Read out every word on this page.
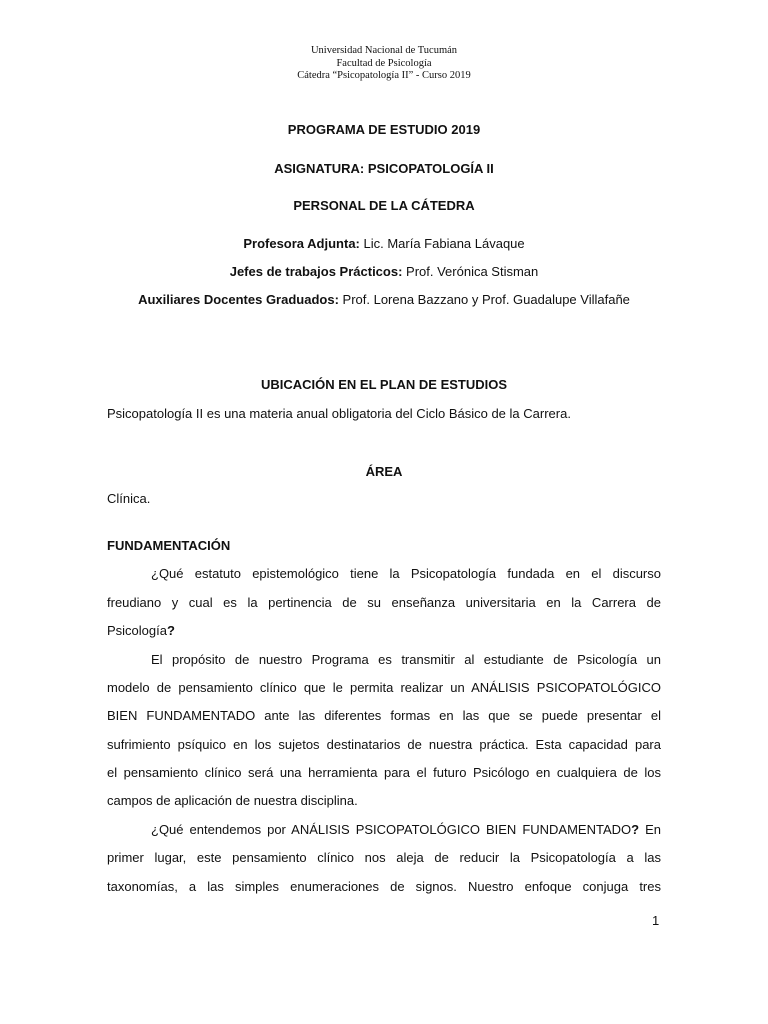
Universidad Nacional de Tucumán
Facultad de Psicología
Cátedra “Psicopatología II” - Curso 2019
PROGRAMA DE ESTUDIO 2019
ASIGNATURA: PSICOPATOLOGÍA II
PERSONAL DE LA CÁTEDRA
Profesora Adjunta: Lic. María Fabiana Lávaque
Jefes de trabajos Prácticos: Prof. Verónica Stisman
Auxiliares Docentes Graduados: Prof. Lorena Bazzano y Prof. Guadalupe Villafañe
UBICACIÓN EN EL PLAN DE ESTUDIOS
Psicopatología II es una materia anual obligatoria del Ciclo Básico de la Carrera.
ÁREA
Clínica.
FUNDAMENTACIÓN
¿Qué estatuto epistemológico tiene la Psicopatología fundada en el discurso
freudiano y cual es la pertinencia de su enseñanza universitaria en la Carrera de
Psicología?
El propósito de nuestro Programa es transmitir al estudiante de Psicología un
modelo de pensamiento clínico que le permita realizar un ANÁLISIS PSICOPATOLÓGICO
BIEN FUNDAMENTADO ante las diferentes formas en las que se puede presentar el
sufrimiento psíquico en los sujetos destinatarios de nuestra práctica. Esta capacidad para
el pensamiento clínico será una herramienta para el futuro Psicólogo en cualquiera de los
campos de aplicación de nuestra disciplina.
¿Qué entendemos por ANÁLISIS PSICOPATOLÓGICO BIEN FUNDAMENTADO? En
primer lugar, este pensamiento clínico nos aleja de reducir la Psicopatología a las
taxonomías, a las simples enumeraciones de signos. Nuestro enfoque conjuga tres
1
